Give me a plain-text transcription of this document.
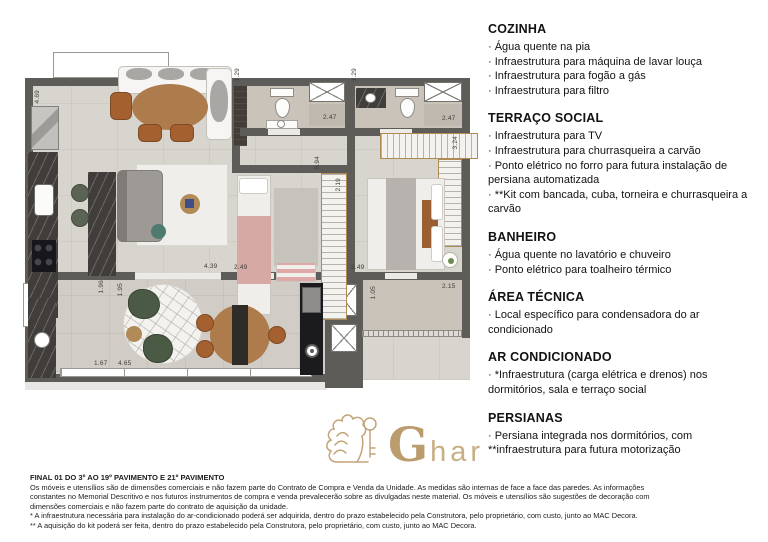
4.69
1.29	1.29
2.47	2.47
3.24
0.94
2.19
4.39	2.49	2.49
1.05	2.15
1.96 1.95
1.67 4.65
COZINHA
· Água quente na pia
· Infraestrutura para máquina de lavar louça
· Infraestrutura para fogão a gás
· Infraestrutura para filtro
TERRAÇO SOCIAL
· Infraestrutura para TV
· Infraestrutura para churrasqueira a carvão
· Ponto elétrico no forro para futura instalação de persiana automatizada
· **Kit com bancada, cuba, torneira e churrasqueira a carvão
BANHEIRO
· Água quente no lavatório e chuveiro
· Ponto elétrico para toalheiro térmico
ÁREA TÉCNICA
· Local específico para condensadora do ar condicionado
AR CONDICIONADO
· *Infraestrutura (carga elétrica e drenos) nos dormitórios, sala e terraço social
PERSIANAS
· Persiana integrada nos dormitórios, com **infraestrutura para futura motorização
G har
FINAL 01 DO 3º AO 19º PAVIMENTO E 21º PAVIMENTO
Os móveis e utensílios são de dimensões comerciais e não fazem parte do Contrato de Compra e Venda da Unidade. As medidas são internas de face a face das paredes. As informações
constantes no Memorial Descritivo e nos futuros instrumentos de compra e venda prevalecerão sobre as divulgadas neste material. Os móveis e utensílios são sugestões de decoração com
dimensões comerciais e não fazem parte do contrato de aquisição da unidade.
* A infraestrutura necessária para instalação do ar-condicionado poderá ser adquirida, dentro do prazo estabelecido pela Construtora, pelo proprietário, com custo, junto ao MAC Decora.
** A aquisição do kit poderá ser feita, dentro do prazo estabelecido pela Construtora, pelo proprietário, com custo, junto ao MAC Decora.
